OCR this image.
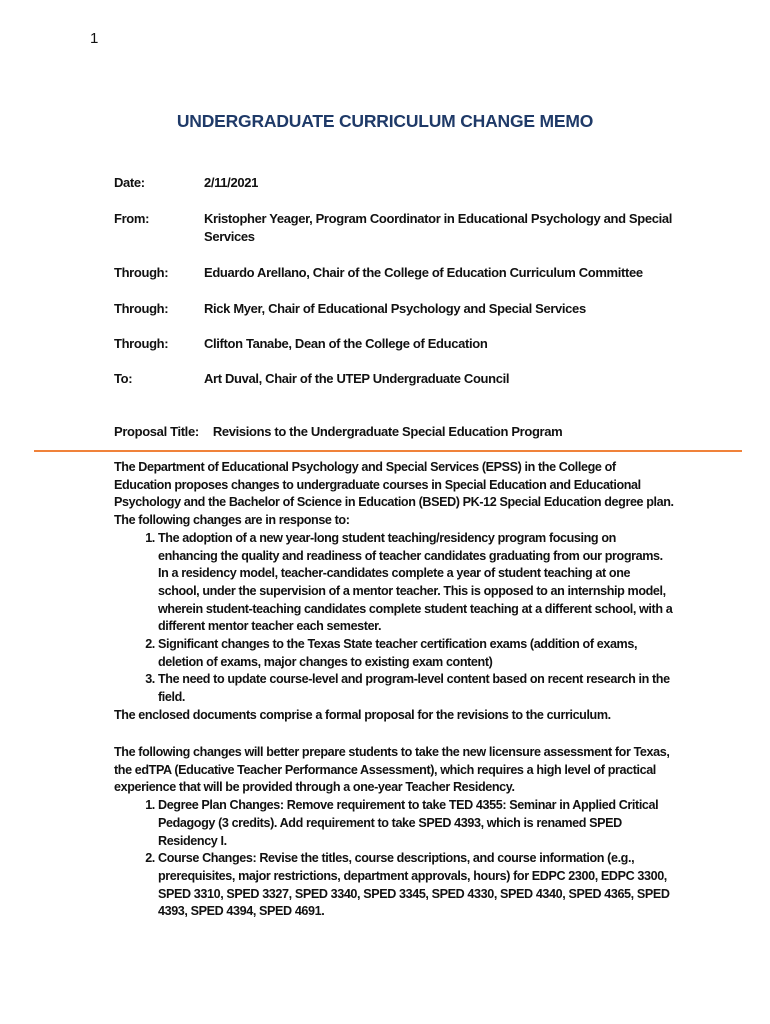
1
UNDERGRADUATE CURRICULUM CHANGE MEMO
Date:	2/11/2021
From:	Kristopher Yeager, Program Coordinator in Educational Psychology and Special Services
Through:	Eduardo Arellano, Chair of the College of Education Curriculum Committee
Through:	Rick Myer, Chair of Educational Psychology and Special Services
Through:	Clifton Tanabe, Dean of the College of Education
To:	Art Duval, Chair of the UTEP Undergraduate Council
Proposal Title: Revisions to the Undergraduate Special Education Program

The Department of Educational Psychology and Special Services (EPSS) in the College of Education proposes changes to undergraduate courses in Special Education and Educational Psychology and the Bachelor of Science in Education (BSED) PK-12 Special Education degree plan. The following changes are in response to:

1. The adoption of a new year-long student teaching/residency program focusing on enhancing the quality and readiness of teacher candidates graduating from our programs. In a residency model, teacher-candidates complete a year of student teaching at one school, under the supervision of a mentor teacher. This is opposed to an internship model, wherein student-teaching candidates complete student teaching at a different school, with a different mentor teacher each semester.
2. Significant changes to the Texas State teacher certification exams (addition of exams, deletion of exams, major changes to existing exam content)
3. The need to update course-level and program-level content based on recent research in the field.

The enclosed documents comprise a formal proposal for the revisions to the curriculum.

The following changes will better prepare students to take the new licensure assessment for Texas, the edTPA (Educative Teacher Performance Assessment), which requires a high level of practical experience that will be provided through a one-year Teacher Residency.

1. Degree Plan Changes: Remove requirement to take TED 4355: Seminar in Applied Critical Pedagogy (3 credits). Add requirement to take SPED 4393, which is renamed SPED Residency I.
2. Course Changes: Revise the titles, course descriptions, and course information (e.g., prerequisites, major restrictions, department approvals, hours) for EDPC 2300, EDPC 3300, SPED 3310, SPED 3327, SPED 3340, SPED 3345, SPED 4330, SPED 4340, SPED 4365, SPED 4393, SPED 4394, SPED 4691.
